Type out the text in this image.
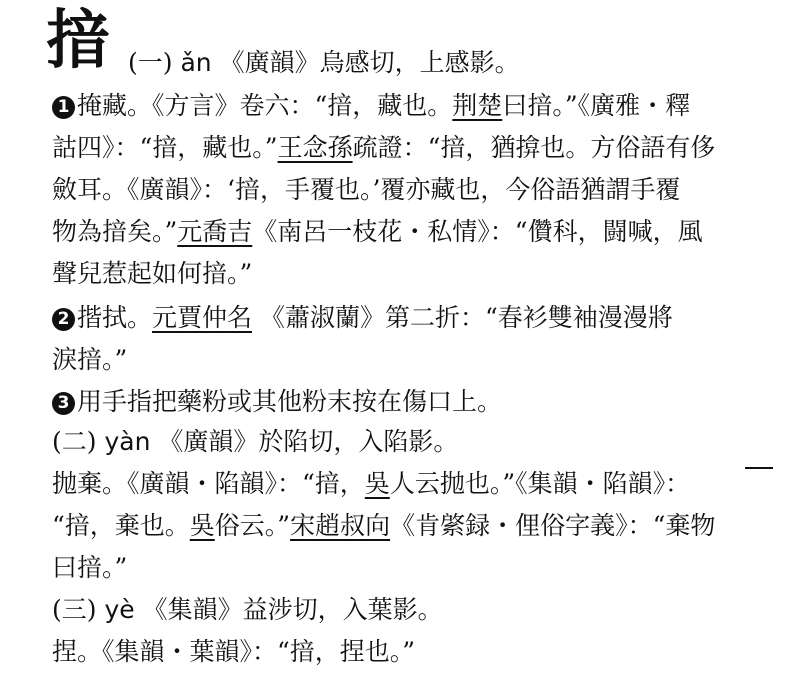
揞 (一) ǎn 《廣韻》烏感切，上感影。
1 掩藏。《方言》卷六：“揞，藏也。荆楚曰揞。”《廣雅・釋
詁四》：“揞，藏也。”王念孫疏證：“揞，猶揜也。方俗語有侈
斂耳。《廣韻》：‘揞，手覆也。’覆亦藏也，今俗語猶謂手覆
物為揞矣。”元喬吉《南呂一枝花・私情》：“儹科，闘喊，風
聲兒惹起如何揞。”
2 揩拭。元賈仲名 《蕭淑蘭》第二折：“春衫雙袖漫漫將
淚揞。”
3 用手指把藥粉或其他粉末按在傷口上。
(二) yàn 《廣韻》於陷切，入陷影。
抛棄。《廣韻・陷韻》：“揞，吳人云抛也。”《集韻・陷韻》：
“揞，棄也。吳俗云。”宋趙叔向《肯綮録・俚俗字義》：“棄物
曰揞。”
(三) yè 《集韻》益涉切，入葉影。
捏。《集韻・葉韻》：“揞，捏也。”
